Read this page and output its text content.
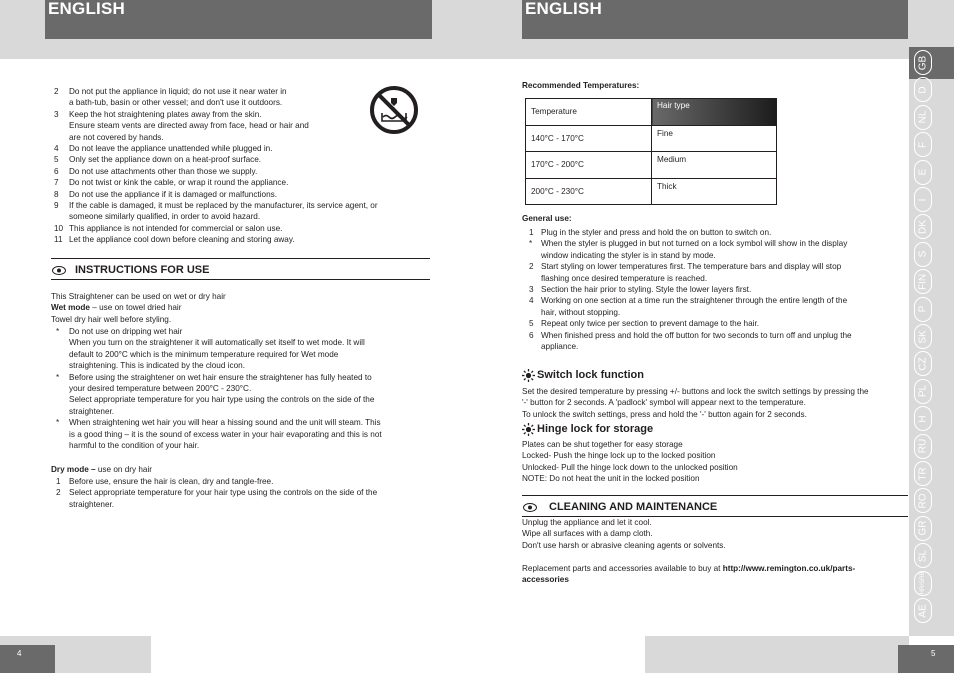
ENGLISH
2 Do not put the appliance in liquid; do not use it near water in
a bath-tub, basin or other vessel; and don't use it outdoors.
3 Keep the hot straightening plates away from the skin.
Ensure steam vents are directed away from face, head or hair and
are not covered by hands.
4 Do not leave the appliance unattended while plugged in.
5 Only set the appliance down on a heat-proof surface.
6 Do not use attachments other than those we supply.
7 Do not twist or kink the cable, or wrap it round the appliance.
8 Do not use the appliance if it is damaged or malfunctions.
9 If the cable is damaged, it must be replaced by the manufacturer, its service agent, or
someone similarly qualified, in order to avoid hazard.
10 This appliance is not intended for commercial or salon use.
11 Let the appliance cool down before cleaning and storing away.
INSTRUCTIONS FOR USE
This Straightener can be used on wet or dry hair
Wet mode – use on towel dried hair
Towel dry hair well before styling.
* Do not use on dripping wet hair
When you turn on the straightener it will automatically set itself to wet mode. It will
default to 200°C which is the minimum temperature required for Wet mode
straightening. This is indicated by the cloud icon.
* Before using the straightener on wet hair ensure the straightener has fully heated to
your desired temperature between 200°C - 230°C.
Select appropriate temperature for you hair type using the controls on the side of the
straightener.
* When straightening wet hair you will hear a hissing sound and the unit will steam. This
is a good thing – it is the sound of excess water in your hair evaporating and this is not
harmful to the condition of your hair.
Dry mode – use on dry hair
1 Before use, ensure the hair is clean, dry and tangle-free.
2 Select appropriate temperature for your hair type using the controls on the side of the
straightener.
4
ENGLISH
Recommended Temperatures:
Temperature	Hair type
140°C - 170°C	Fine
170°C - 200°C	Medium
200°C - 230°C	Thick
General use:
1 Plug in the styler and press and hold the on button to switch on.
* When the styler is plugged in but not turned on a lock symbol will show in the display
window indicating the styler is in stand by mode.
2 Start styling on lower temperatures first. The temperature bars and display will stop
flashing once desired temperature is reached.
3 Section the hair prior to styling. Style the lower layers first.
4 Working on one section at a time run the straightener through the entire length of the
hair, without stopping.
5 Repeat only twice per section to prevent damage to the hair.
6 When finished press and hold the off button for two seconds to turn off and unplug the
appliance.
Switch lock function
Set the desired temperature by pressing +/- buttons and lock the switch settings by pressing the
'-' button for 2 seconds. A 'padlock' symbol will appear next to the temperature.
To unlock the switch settings, press and hold the '-' button again for 2 seconds.
Hinge lock for storage
Plates can be shut together for easy storage
Locked- Push the hinge lock up to the locked position
Unlocked- Pull the hinge lock down to the unlocked position
NOTE: Do not heat the unit in the locked position
CLEANING AND MAINTENANCE
Unplug the appliance and let it cool.
Wipe all surfaces with a damp cloth.
Don't use harsh or abrasive cleaning agents or solvents.
Replacement parts and accessories available to buy at http://www.remington.co.uk/parts-
accessories
GB
D
NL
F
E
I
DK
S
FIN
P
SK
CZ
PL
H
RU
TR
RO
GR
SL
HR/SRB
AE
5
